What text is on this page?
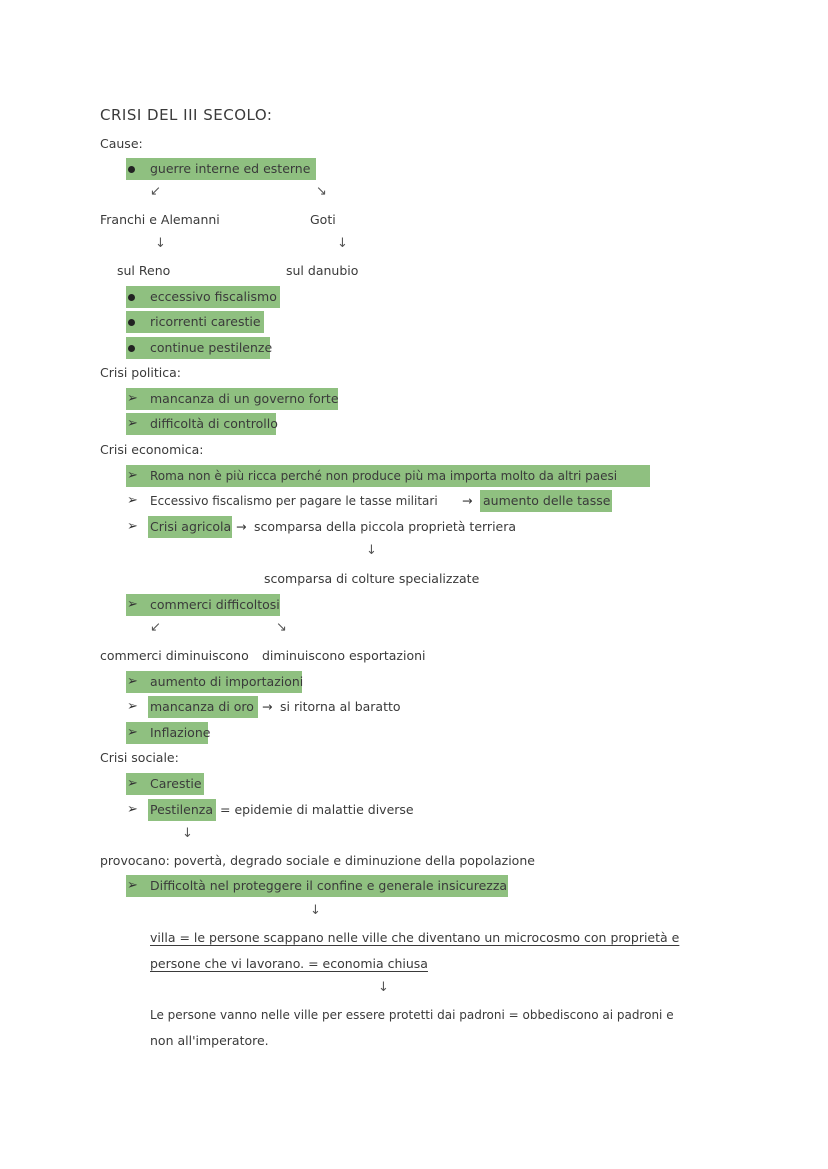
CRISI DEL III SECOLO:
Cause:
guerre interne ed esterne
↙	↘
Franchi e Alemanni	Goti
↓	↓
sul Reno	sul danubio
eccessivo fiscalismo
ricorrenti carestie
continue pestilenze
Crisi politica:
➢ mancanza di un governo forte
➢ difficoltà di controllo
Crisi economica:
➢ Roma non è più ricca perché non produce più ma importa molto da altri paesi
➢ Eccessivo fiscalismo per pagare le tasse militari → aumento delle tasse
➢ Crisi agricola → scomparsa della piccola proprietà terriera
↓
scomparsa di colture specializzate
➢ commerci difficoltosi
↙	↘
commerci diminuiscono diminuiscono esportazioni
➢ aumento di importazioni
➢ mancanza di oro → si ritorna al baratto
➢ Inflazione
Crisi sociale:
➢ Carestie
➢ Pestilenza = epidemie di malattie diverse
↓
provocano: povertà, degrado sociale e diminuzione della popolazione
➢ Difficoltà nel proteggere il confine e generale insicurezza
↓
villa = le persone scappano nelle ville che diventano un microcosmo con proprietà e
persone che vi lavorano. = economia chiusa
↓
Le persone vanno nelle ville per essere protetti dai padroni = obbediscono ai padroni e
non all'imperatore.
